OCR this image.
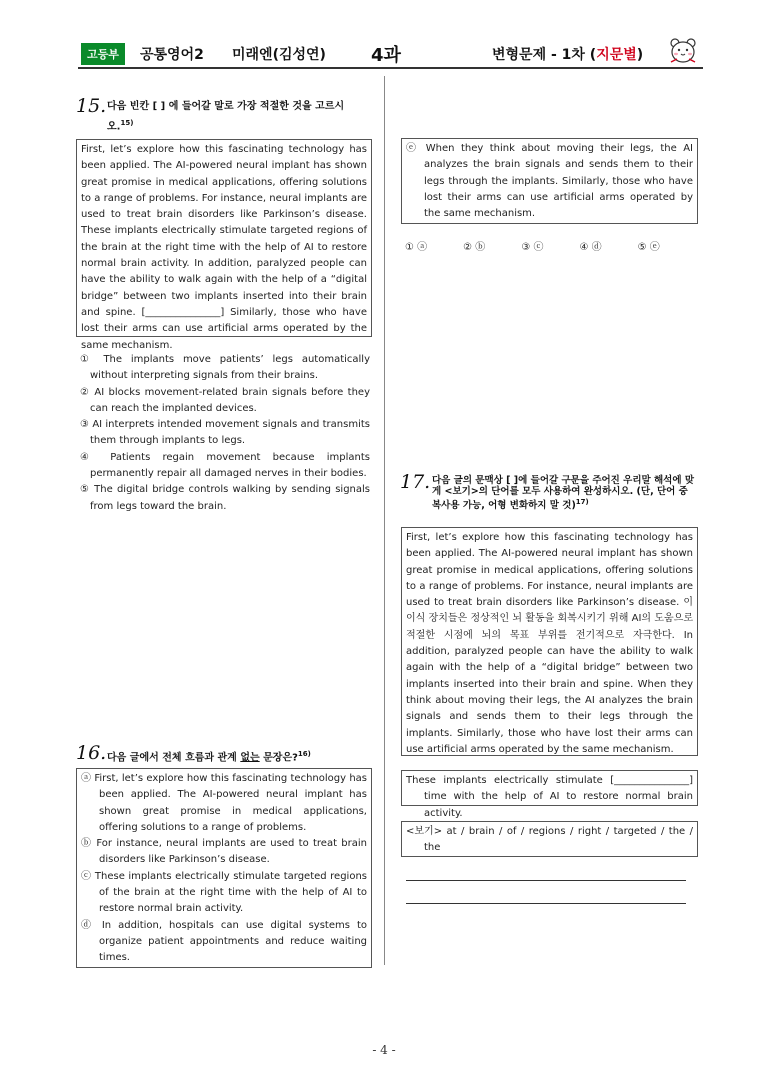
고등부	공통영어2 미래엔(김성연)	4과	변형문제 - 1차 (지문별)
15. 다음 빈칸 [ ] 에 들어갈 말로 가장 적절한 것을 고르시오.$^{15)}$
First, let’s explore how this fascinating technology has been applied. The AI-powered neural implant has shown great promise in medical applications, offering solutions to a range of problems. For instance, neural implants are used to treat brain disorders like Parkinson’s disease. These implants electrically stimulate targeted regions of the brain at the right time with the help of AI to restore normal brain activity. In addition, paralyzed people can have the ability to walk again with the help of a “digital bridge” between two implants inserted into their brain and spine. [_______________] Similarly, those who have lost their arms can use artificial arms operated by the same mechanism.
① The implants move patients’ legs automatically without interpreting signals from their brains.
② AI blocks movement-related brain signals before they can reach the implanted devices.
③ AI interprets intended movement signals and transmits them through implants to legs.
④ Patients regain movement because implants permanently repair all damaged nerves in their bodies.
⑤ The digital bridge controls walking by sending signals from legs toward the brain.
16. 다음 글에서 전체 흐름과 관계 없는 문장은?$^{16)}$
ⓐ First, let’s explore how this fascinating technology has been applied. The AI-powered neural implant has shown great promise in medical applications, offering solutions to a range of problems.
ⓑ For instance, neural implants are used to treat brain disorders like Parkinson’s disease.
ⓒ These implants electrically stimulate targeted regions of the brain at the right time with the help of AI to restore normal brain activity.
ⓓ In addition, hospitals can use digital systems to organize patient appointments and reduce waiting times.
ⓔ When they think about moving their legs, the AI analyzes the brain signals and sends them to their legs through the implants. Similarly, those who have lost their arms can use artificial arms operated by the same mechanism.
① ⓐ	② ⓑ	③ ⓒ	④ ⓓ	⑤ ⓔ
17. 다음 글의 문맥상 [ ]에 들어갈 구문을 주어진 우리말 해석에 맞게 <보기>의 단어를 모두 사용하여 완성하시오. (단, 단어 중복사용 가능, 어형 변화하지 말 것)$^{17)}$
First, let’s explore how this fascinating technology has been applied. The AI-powered neural implant has shown great promise in medical applications, offering solutions to a range of problems. For instance, neural implants are used to treat brain disorders like Parkinson’s disease. 이 이식 장치들은 정상적인 뇌 활동을 회복시키기 위해 AI의 도움으로 적절한 시점에 뇌의 목표 부위를 전기적으로 자극한다. In addition, paralyzed people can have the ability to walk again with the help of a “digital bridge” between two implants inserted into their brain and spine. When they think about moving their legs, the AI analyzes the brain signals and sends them to their legs through the implants. Similarly, those who have lost their arms can use artificial arms operated by the same mechanism.
These implants electrically stimulate [_______________] time with the help of AI to restore normal brain activity.
<보기> at / brain / of / regions / right / targeted / the / the
- 4 -
